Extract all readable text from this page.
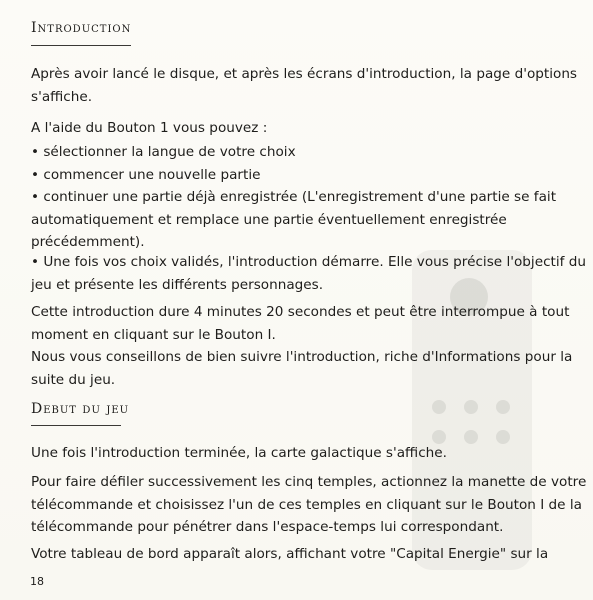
Introduction
Après avoir lancé le disque, et après les écrans d'introduction, la page d'options
s'affiche.
A l'aide du Bouton 1 vous pouvez :
• sélectionner la langue de votre choix
• commencer une nouvelle partie
• continuer une partie déjà enregistrée (L'enregistrement d'une partie se fait
automatiquement et remplace une partie éventuellement enregistrée
précédemment).
• Une fois vos choix validés, l'introduction démarre. Elle vous précise l'objectif du
jeu et présente les différents personnages.
Cette introduction dure 4 minutes 20 secondes et peut être interrompue à tout
moment en cliquant sur le Bouton I.
Nous vous conseillons de bien suivre l'introduction, riche d'Informations pour la
suite du jeu.
Debut du jeu
Une fois l'introduction terminée, la carte galactique s'affiche.
Pour faire défiler successivement les cinq temples, actionnez la manette de votre
télécommande et choisissez l'un de ces temples en cliquant sur le Bouton I de la
télécommande pour pénétrer dans l'espace-temps lui correspondant.
Votre tableau de bord apparaît alors, affichant votre "Capital Energie" sur la
18
